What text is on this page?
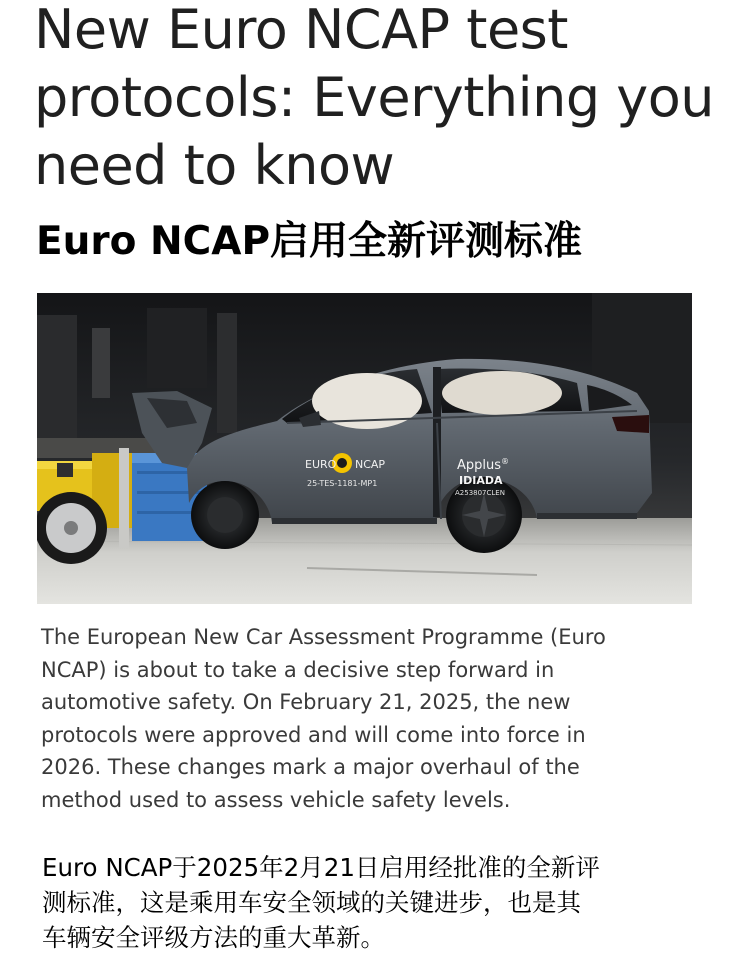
New Euro NCAP test protocols: Everything you need to know
Euro NCAP启用全新评测标准
EURO NCAP
25-TES-1181-MP1
Applus®
IDIADA
A253807CLEN

The European New Car Assessment Programme (Euro NCAP) is about to take a decisive step forward in automotive safety. On February 21, 2025, the new protocols were approved and will come into force in 2026. These changes mark a major overhaul of the method used to assess vehicle safety levels.

Euro NCAP于2025年2月21日启用经批准的全新评测标准，这是乘用车安全领域的关键进步，也是其车辆安全评级方法的重大革新。
